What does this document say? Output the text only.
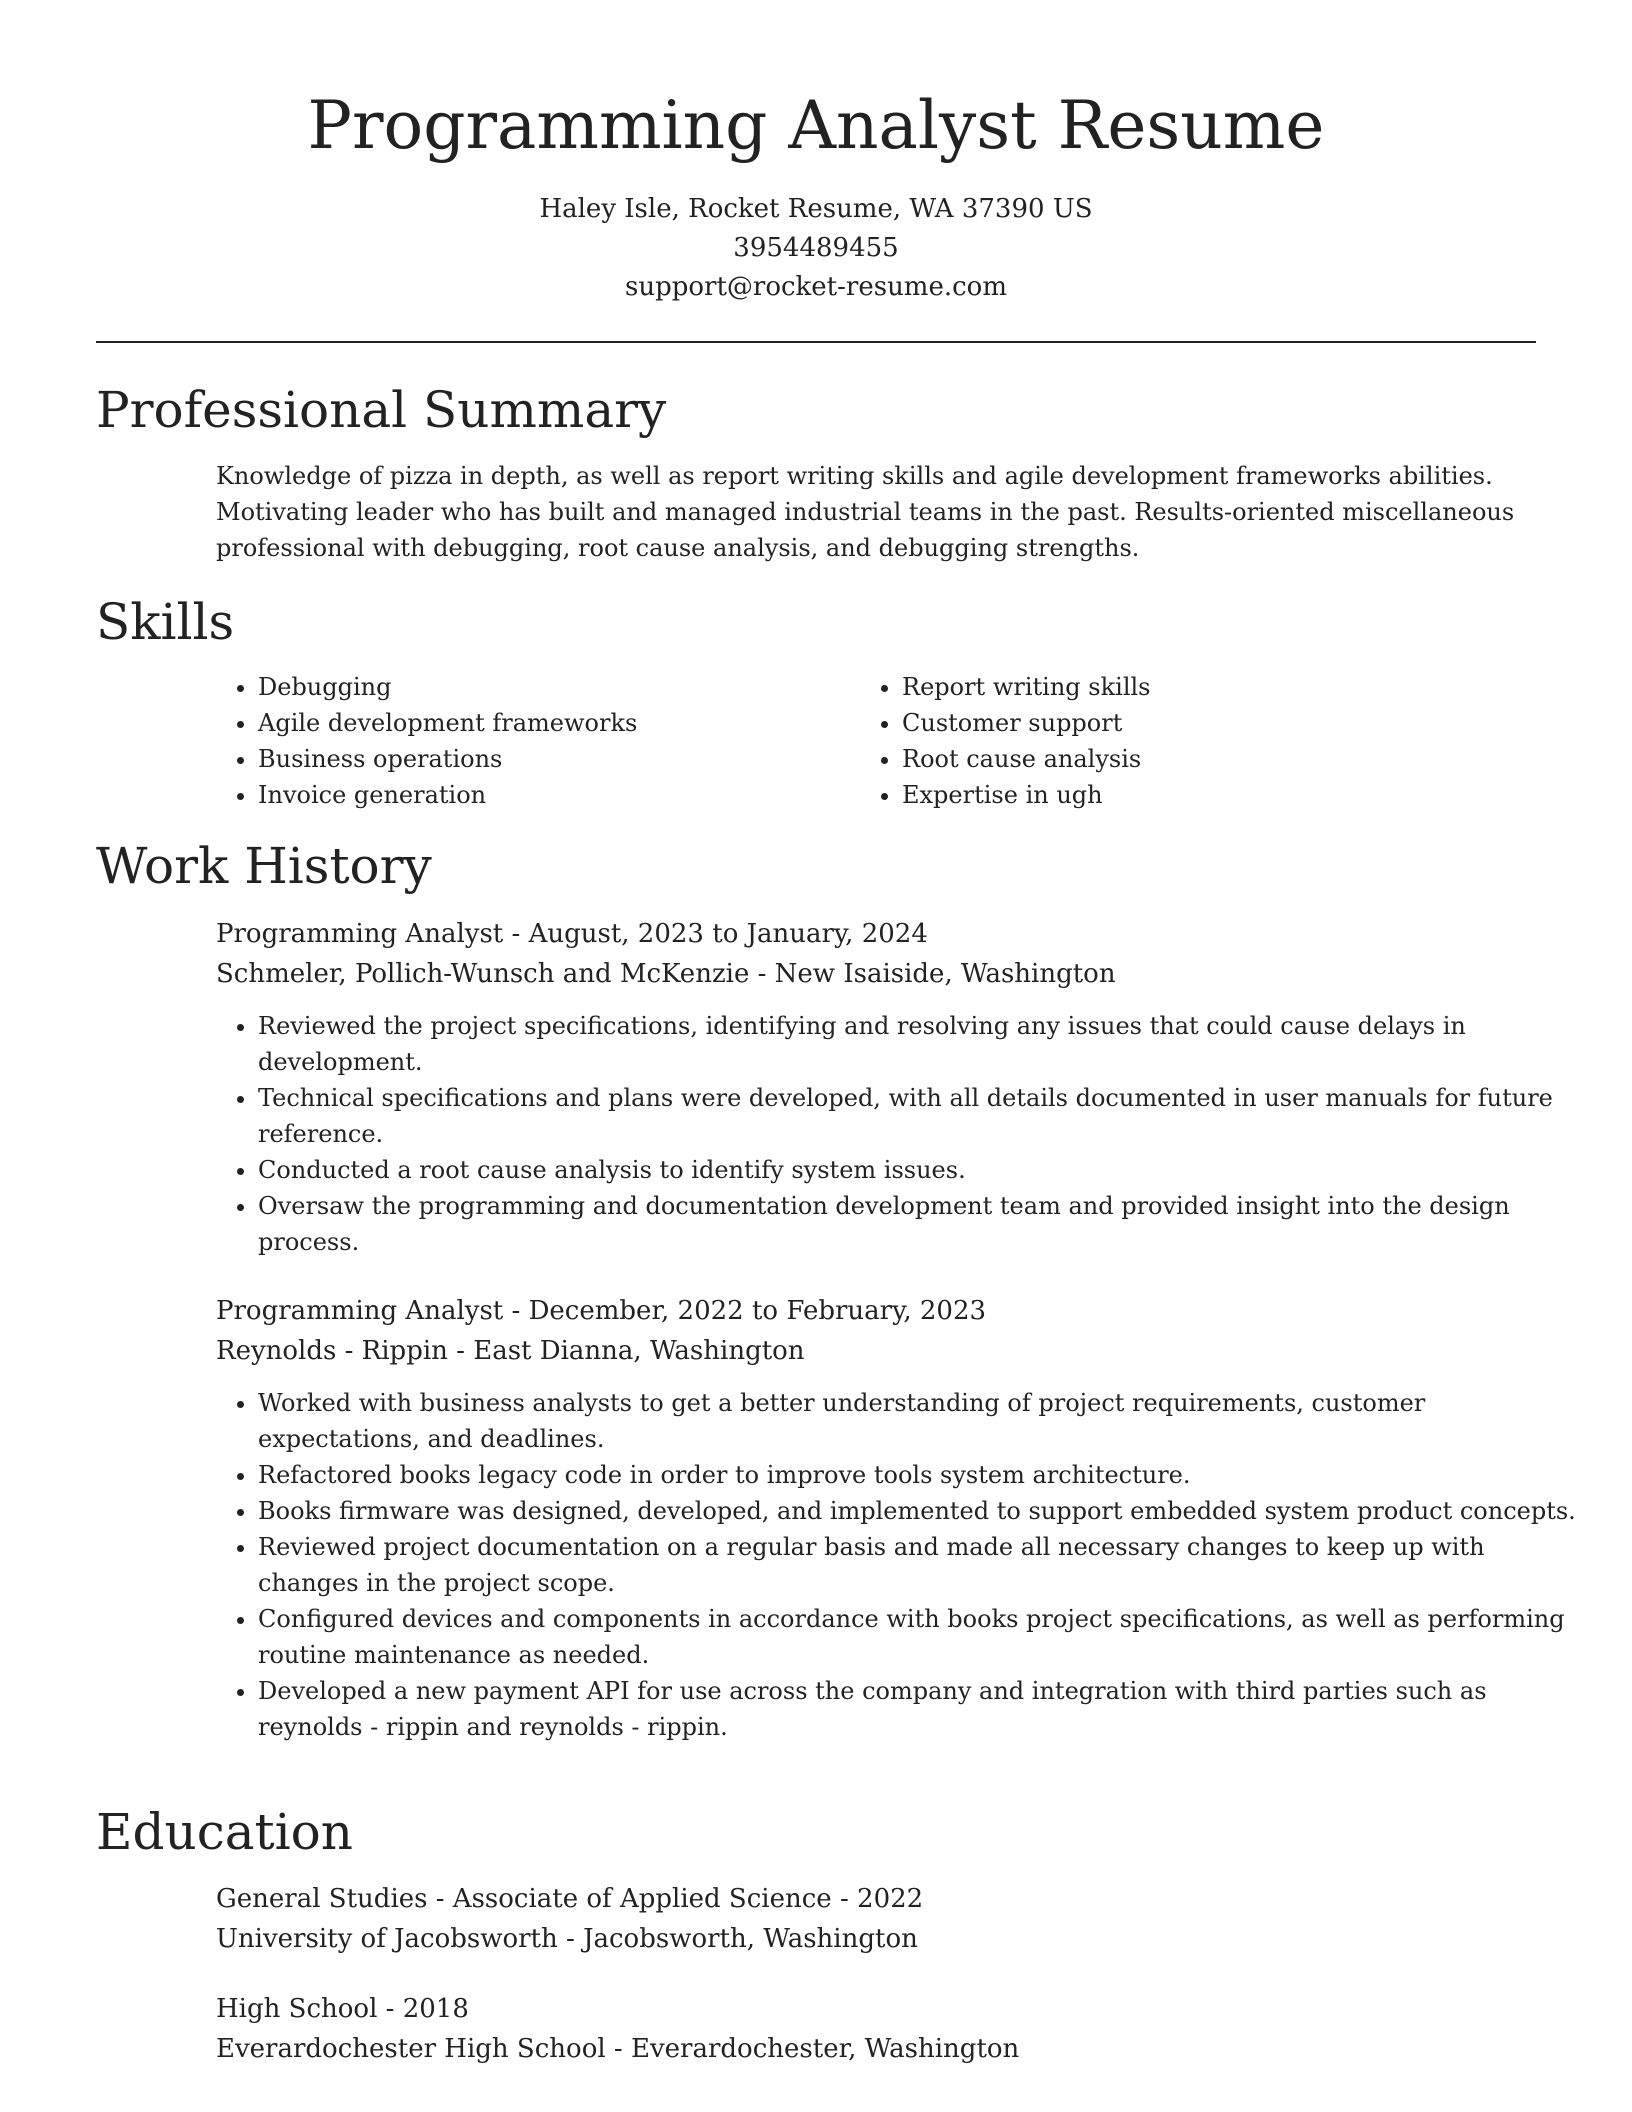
Programming Analyst Resume

Haley Isle, Rocket Resume, WA 37390 US

3954489455

support@rocket-resume.com

Professional Summary

Knowledge of pizza in depth, as well as report writing skills and agile development frameworks abilities. Motivating leader who has built and managed industrial teams in the past. Results-oriented miscellaneous professional with debugging, root cause analysis, and debugging strengths.

Skills
• Debugging
• Agile development frameworks
• Business operations
• Invoice generation
• Report writing skills
• Customer support
• Root cause analysis
• Expertise in ugh
Work History

Programming Analyst - August, 2023 to January, 2024

Schmeler, Pollich-Wunsch and McKenzie - New Isaiside, Washington

• Reviewed the project specifications, identifying and resolving any issues that could cause delays in development.
• Technical specifications and plans were developed, with all details documented in user manuals for future reference.
• Conducted a root cause analysis to identify system issues.
• Oversaw the programming and documentation development team and provided insight into the design process.

Programming Analyst - December, 2022 to February, 2023

Reynolds - Rippin - East Dianna, Washington

• Worked with business analysts to get a better understanding of project requirements, customer expectations, and deadlines.
• Refactored books legacy code in order to improve tools system architecture.
• Books firmware was designed, developed, and implemented to support embedded system product concepts.
• Reviewed project documentation on a regular basis and made all necessary changes to keep up with changes in the project scope.
• Configured devices and components in accordance with books project specifications, as well as performing routine maintenance as needed.
• Developed a new payment API for use across the company and integration with third parties such as reynolds - rippin and reynolds - rippin.
Education

General Studies - Associate of Applied Science - 2022

University of Jacobsworth - Jacobsworth, Washington

High School - 2018

Everardochester High School - Everardochester, Washington
